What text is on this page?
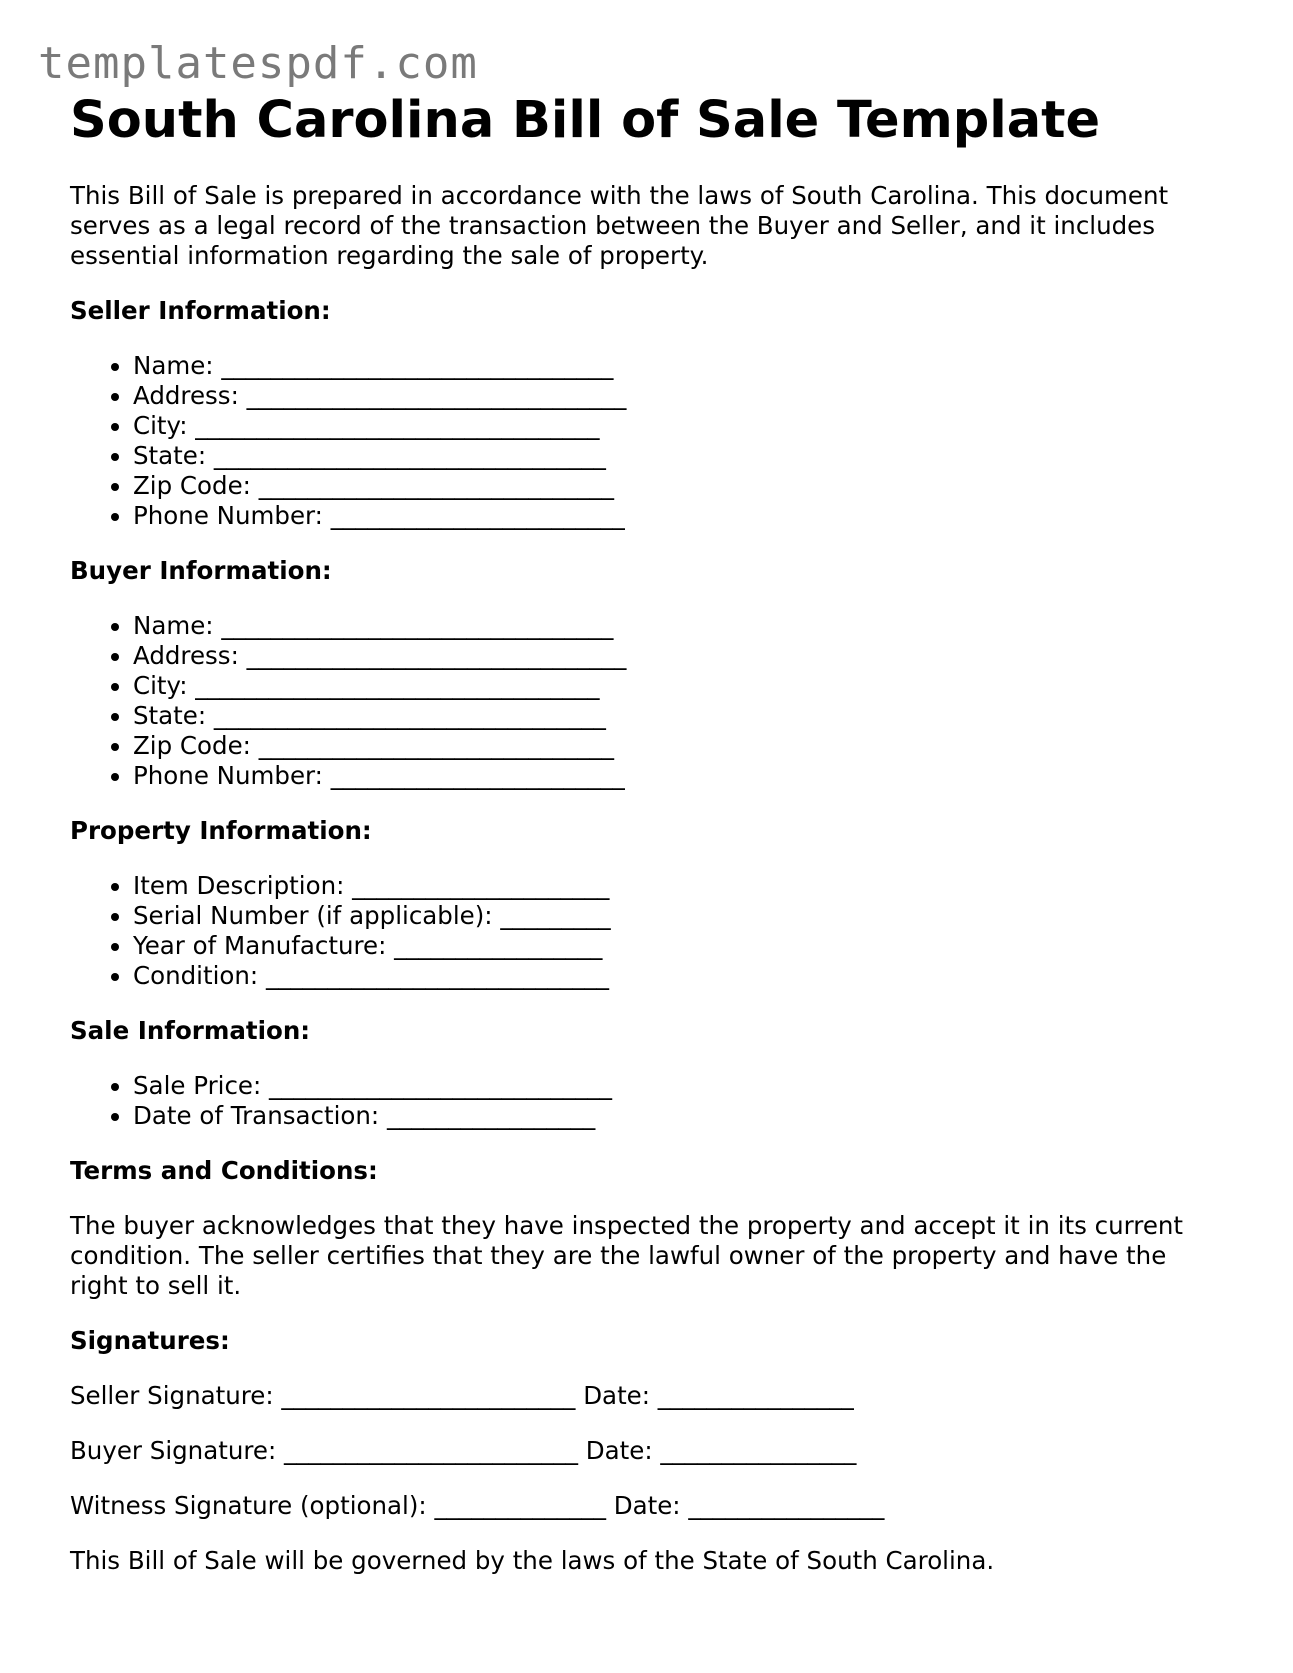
templatespdf.com
South Carolina Bill of Sale Template

This Bill of Sale is prepared in accordance with the laws of South Carolina. This document serves as a legal record of the transaction between the Buyer and Seller, and it includes essential information regarding the sale of property.

Seller Information:
• Name: ________________________________
• Address: _______________________________
• City: _________________________________
• State: ________________________________
• Zip Code: _____________________________
• Phone Number: ________________________
Buyer Information:
• Name: ________________________________
• Address: _______________________________
• City: _________________________________
• State: ________________________________
• Zip Code: _____________________________
• Phone Number: ________________________
Property Information:
• Item Description: _____________________
• Serial Number (if applicable): _________
• Year of Manufacture: _________________
• Condition: ____________________________
Sale Information:
• Sale Price: ____________________________
• Date of Transaction: _________________
Terms and Conditions:

The buyer acknowledges that they have inspected the property and accept it in its current condition. The seller certifies that they are the lawful owner of the property and have the right to sell it.

Signatures:
Seller Signature: ________________________ Date: ________________
Buyer Signature: ________________________ Date: ________________
Witness Signature (optional): ______________ Date: ________________

This Bill of Sale will be governed by the laws of the State of South Carolina.
